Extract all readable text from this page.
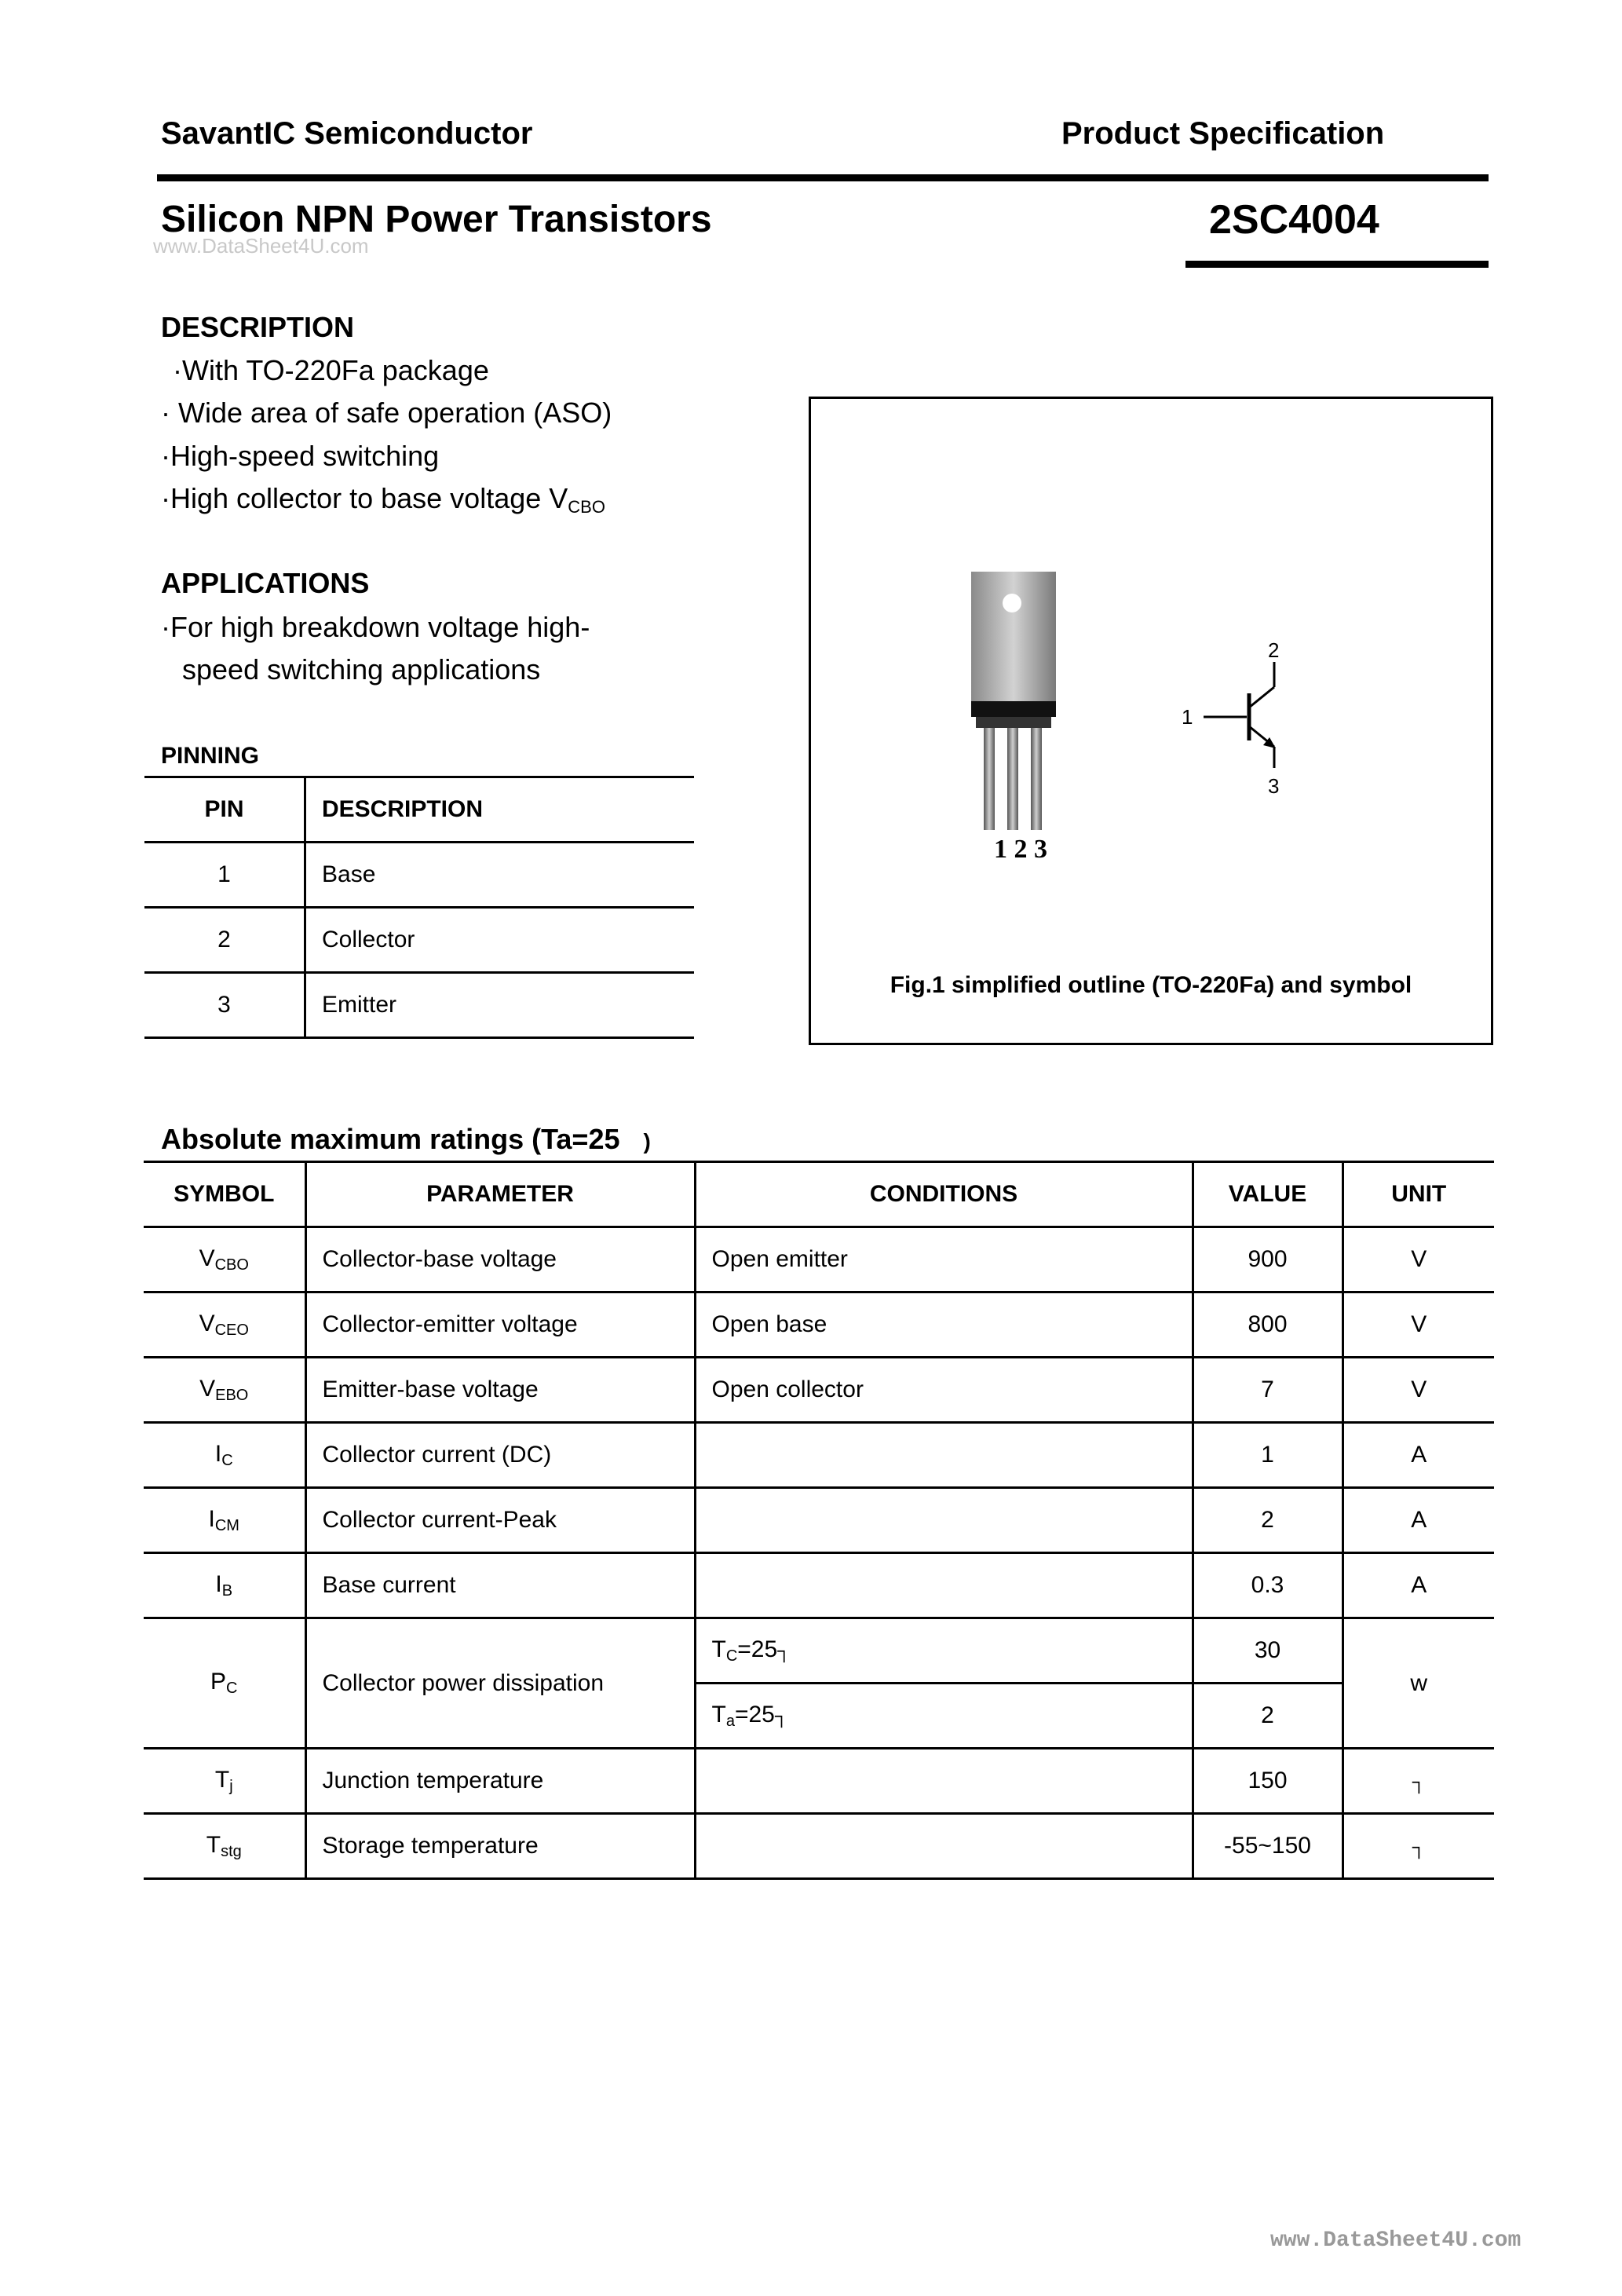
SavantIC Semiconductor	Product Specification
Silicon NPN Power Transistors	2SC4004
www.DataSheet4U.com
DESCRIPTION
·With TO-220Fa package
· Wide area of safe operation (ASO)
·High-speed switching
·High collector to base voltage $V_{CBO}$
APPLICATIONS
·For high breakdown voltage high-
speed switching applications
PINNING
PIN	DESCRIPTION
1	Base
2	Collector
3	Emitter
1 2 3
1
2
3
Fig.1 simplified outline (TO-220Fa) and symbol
Absolute maximum ratings (Ta=25 )
SYMBOL	PARAMETER	CONDITIONS	VALUE	UNIT
VCBO	Collector-base voltage	Open emitter	900	V
VCEO	Collector-emitter voltage	Open base	800	V
VEBO	Emitter-base voltage	Open collector	7	V
IC	Collector current (DC)		1	A
ICM	Collector current-Peak		2	A
IB	Base current		0.3	A
PC	Collector power dissipation	TC=25┐	30	w
		Ta=25┐	2	
Tj	Junction temperature		150	┐
Tstg	Storage temperature		-55~150	┐
www.DataSheet4U.com
